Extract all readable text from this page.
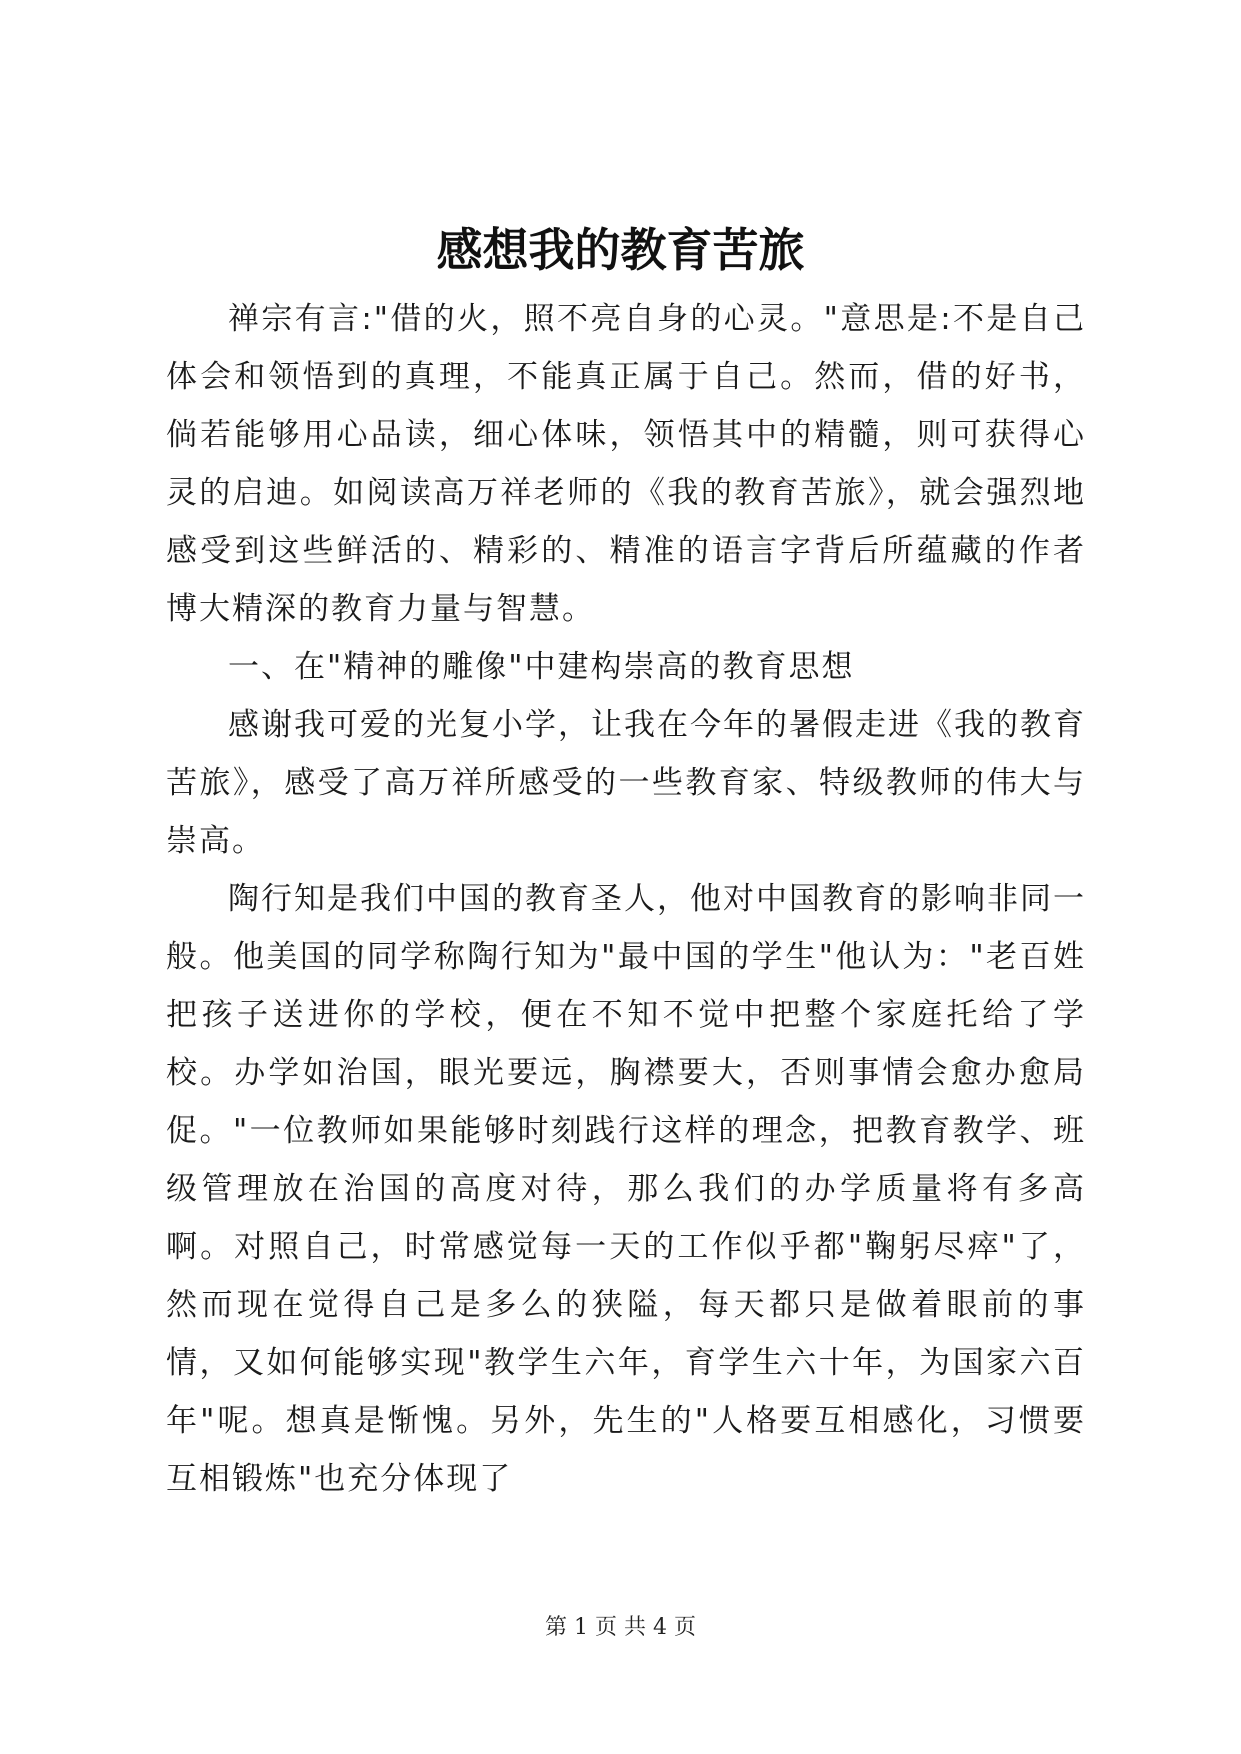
感想我的教育苦旅

禅宗有言:"借的火，照不亮自身的心灵。"意思是:不是自己体会和领悟到的真理，不能真正属于自己。然而，借的好书，倘若能够用心品读，细心体味，领悟其中的精髓，则可获得心灵的启迪。如阅读高万祥老师的《我的教育苦旅》，就会强烈地感受到这些鲜活的、精彩的、精准的语言字背后所蕴藏的作者博大精深的教育力量与智慧。

一、在"精神的雕像"中建构崇高的教育思想

感谢我可爱的光复小学，让我在今年的暑假走进《我的教育苦旅》，感受了高万祥所感受的一些教育家、特级教师的伟大与崇高。

陶行知是我们中国的教育圣人，他对中国教育的影响非同一般。他美国的同学称陶行知为"最中国的学生"他认为："老百姓把孩子送进你的学校，便在不知不觉中把整个家庭托给了学校。办学如治国，眼光要远，胸襟要大，否则事情会愈办愈局促。"一位教师如果能够时刻践行这样的理念，把教育教学、班级管理放在治国的高度对待，那么我们的办学质量将有多高啊。对照自己，时常感觉每一天的工作似乎都"鞠躬尽瘁"了，然而现在觉得自己是多么的狭隘，每天都只是做着眼前的事情，又如何能够实现"教学生六年，育学生六十年，为国家六百年"呢。想真是惭愧。另外，先生的"人格要互相感化，习惯要互相锻炼"也充分体现了

第 1 页 共 4 页
